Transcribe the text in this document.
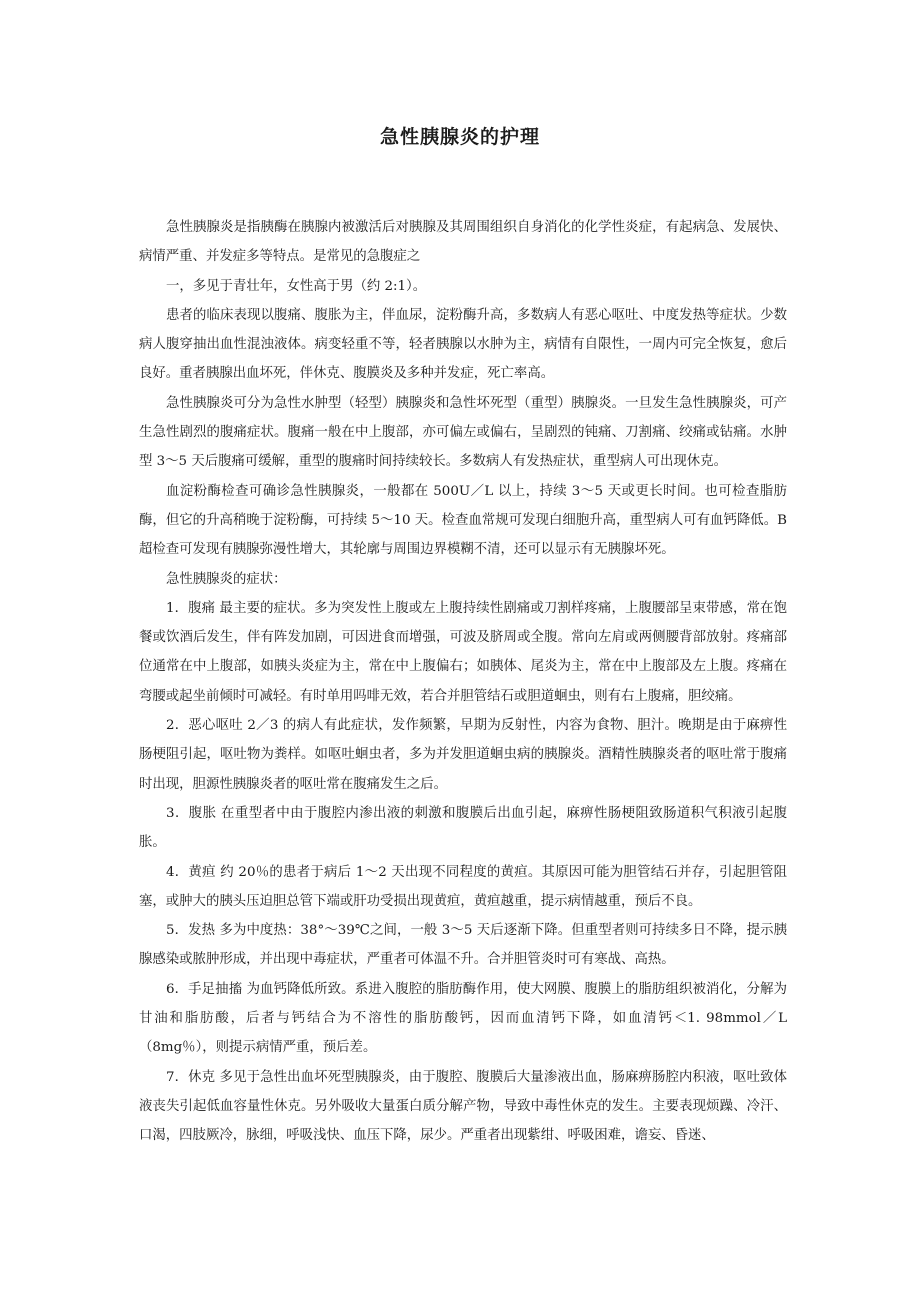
急性胰腺炎的护理

急性胰腺炎是指胰酶在胰腺内被激活后对胰腺及其周围组织自身消化的化学性炎症，有起病急、发展快、病情严重、并发症多等特点。是常见的急腹症之

一，多见于青壮年，女性高于男（约 2:1）。

患者的临床表现以腹痛、腹胀为主，伴血尿，淀粉酶升高，多数病人有恶心呕吐、中度发热等症状。少数病人腹穿抽出血性混浊液体。病变轻重不等，轻者胰腺以水肿为主，病情有自限性，一周内可完全恢复，愈后良好。重者胰腺出血坏死，伴休克、腹膜炎及多种并发症，死亡率高。

急性胰腺炎可分为急性水肿型（轻型）胰腺炎和急性坏死型（重型）胰腺炎。一旦发生急性胰腺炎，可产生急性剧烈的腹痛症状。腹痛一般在中上腹部，亦可偏左或偏右，呈剧烈的钝痛、刀割痛、绞痛或钻痛。水肿型 3～5 天后腹痛可缓解，重型的腹痛时间持续较长。多数病人有发热症状，重型病人可出现休克。

血淀粉酶检查可确诊急性胰腺炎，一般都在 500U／L 以上，持续 3～5 天或更长时间。也可检查脂肪酶，但它的升高稍晚于淀粉酶，可持续 5～10 天。检查血常规可发现白细胞升高，重型病人可有血钙降低。B 超检查可发现有胰腺弥漫性增大，其轮廓与周围边界模糊不清，还可以显示有无胰腺坏死。

急性胰腺炎的症状：

1．腹痛 最主要的症状。多为突发性上腹或左上腹持续性剧痛或刀割样疼痛，上腹腰部呈束带感，常在饱餐或饮酒后发生，伴有阵发加剧，可因进食而增强，可波及脐周或全腹。常向左肩或两侧腰背部放射。疼痛部位通常在中上腹部，如胰头炎症为主，常在中上腹偏右；如胰体、尾炎为主，常在中上腹部及左上腹。疼痛在弯腰或起坐前倾时可减轻。有时单用吗啡无效，若合并胆管结石或胆道蛔虫，则有右上腹痛，胆绞痛。

2．恶心呕吐 2／3 的病人有此症状，发作频繁，早期为反射性，内容为食物、胆汁。晚期是由于麻痹性肠梗阻引起，呕吐物为粪样。如呕吐蛔虫者，多为并发胆道蛔虫病的胰腺炎。酒精性胰腺炎者的呕吐常于腹痛时出现，胆源性胰腺炎者的呕吐常在腹痛发生之后。

3．腹胀 在重型者中由于腹腔内渗出液的刺激和腹膜后出血引起，麻痹性肠梗阻致肠道积气积液引起腹胀。

4．黄疸 约 20％的患者于病后 1～2 天出现不同程度的黄疸。其原因可能为胆管结石并存，引起胆管阻塞，或肿大的胰头压迫胆总管下端或肝功受损出现黄疸，黄疸越重，提示病情越重，预后不良。

5．发热 多为中度热：38°～39℃之间，一般 3～5 天后逐渐下降。但重型者则可持续多日不降，提示胰腺感染或脓肿形成，并出现中毒症状，严重者可体温不升。合并胆管炎时可有寒战、高热。

6．手足抽搐 为血钙降低所致。系进入腹腔的脂肪酶作用，使大网膜、腹膜上的脂肪组织被消化，分解为甘油和脂肪酸，后者与钙结合为不溶性的脂肪酸钙，因而血清钙下降，如血清钙＜1. 98mmol／L（8mg％），则提示病情严重，预后差。

7．休克 多见于急性出血坏死型胰腺炎，由于腹腔、腹膜后大量渗液出血，肠麻痹肠腔内积液，呕吐致体液丧失引起低血容量性休克。另外吸收大量蛋白质分解产物，导致中毒性休克的发生。主要表现烦躁、冷汗、口渴，四肢厥冷，脉细，呼吸浅快、血压下降，尿少。严重者出现紫绀、呼吸困难，谵妄、昏迷、
